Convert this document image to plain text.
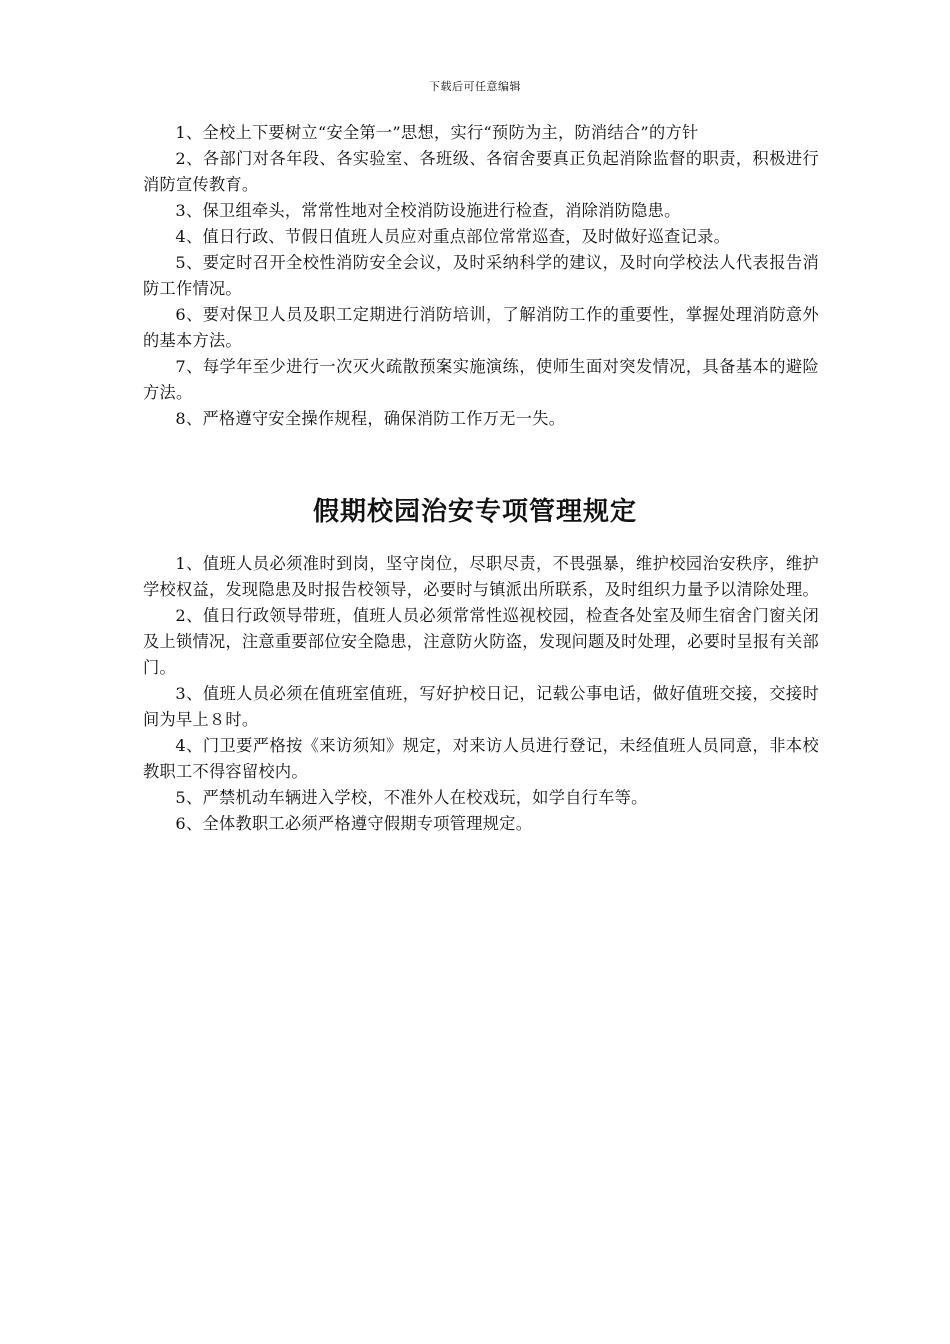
下载后可任意编辑

1、全校上下要树立“安全第一”思想，实行“预防为主，防消结合”的方针

2、各部门对各年段、各实验室、各班级、各宿舍要真正负起消除监督的职责，积极进行消防宣传教育。

3、保卫组牵头，常常性地对全校消防设施进行检查，消除消防隐患。

4、值日行政、节假日值班人员应对重点部位常常巡查，及时做好巡查记录。

5、要定时召开全校性消防安全会议，及时采纳科学的建议，及时向学校法人代表报告消防工作情况。

6、要对保卫人员及职工定期进行消防培训，了解消防工作的重要性，掌握处理消防意外的基本方法。

7、每学年至少进行一次灭火疏散预案实施演练，使师生面对突发情况，具备基本的避险方法。

8、严格遵守安全操作规程，确保消防工作万无一失。

假期校园治安专项管理规定

1、值班人员必须准时到岗，坚守岗位，尽职尽责，不畏强暴，维护校园治安秩序，维护学校权益，发现隐患及时报告校领导，必要时与镇派出所联系，及时组织力量予以清除处理。

2、值日行政领导带班，值班人员必须常常性巡视校园，检查各处室及师生宿舍门窗关闭及上锁情况，注意重要部位安全隐患，注意防火防盗，发现问题及时处理，必要时呈报有关部门。

3、值班人员必须在值班室值班，写好护校日记，记载公事电话，做好值班交接，交接时间为早上８时。

4、门卫要严格按《来访须知》规定，对来访人员进行登记，未经值班人员同意，非本校教职工不得容留校内。

5、严禁机动车辆进入学校，不准外人在校戏玩，如学自行车等。

6、全体教职工必须严格遵守假期专项管理规定。
